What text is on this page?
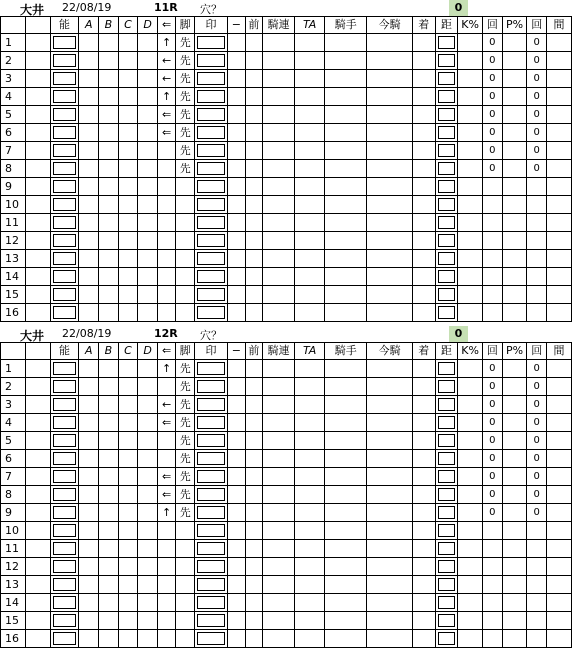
大井 22/08/19	11R 穴？	0
		能	A	B	C	D	⇐	脚	印	−	前	騎連	TA	騎手	今騎	着	距	K%	回	P%	回	間
1							↑	先											0		0	
2							←	先											0		0	
3							←	先											0		0	
4							↑	先											0		0	
5							⇐	先											0		0	
6							⇐	先											0		0	
7								先											0		0	
8								先											0		0	
9		

10		

11		

12		

13		

14		

15		

16		

大井 22/08/19	12R 穴？	0
		能	A	B	C	D	⇐	脚	印	−	前	騎連	TA	騎手	今騎	着	距	K%	回	P%	回	間
1							↑	先											0		0	
2								先											0		0	
3							←	先											0		0	
4							⇐	先											0		0	
5								先											0		0	
6								先											0		0	
7							⇐	先											0		0	
8							⇐	先											0		0	
9							↑	先											0		0	
10		

11		

12		

13		

14		

15		

16		
